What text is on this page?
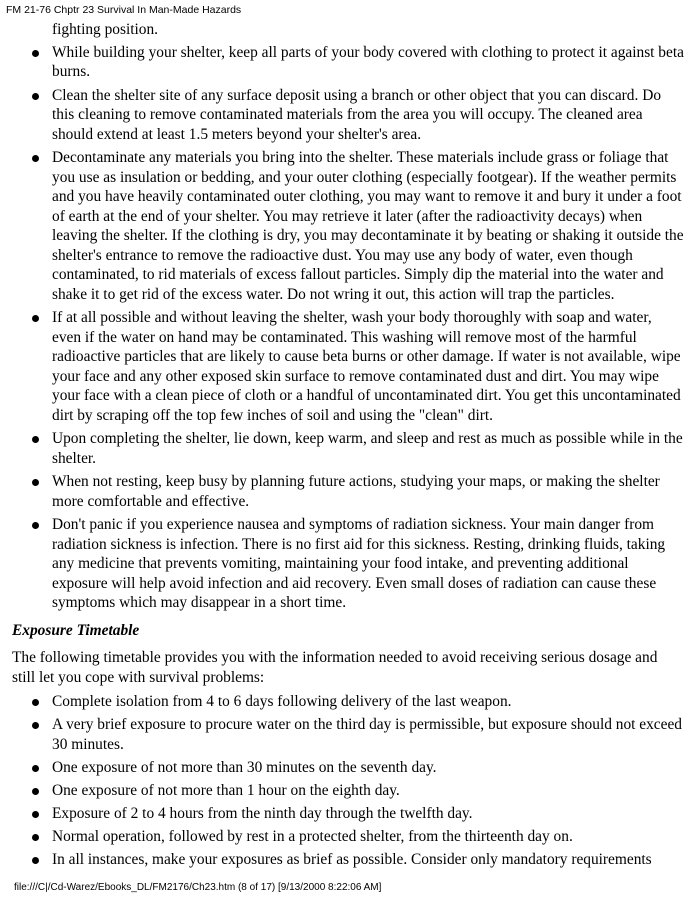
FM 21-76 Chptr 23 Survival In Man-Made Hazards
fighting position.
While building your shelter, keep all parts of your body covered with clothing to protect it against beta burns.
Clean the shelter site of any surface deposit using a branch or other object that you can discard. Do this cleaning to remove contaminated materials from the area you will occupy. The cleaned area should extend at least 1.5 meters beyond your shelter's area.
Decontaminate any materials you bring into the shelter. These materials include grass or foliage that you use as insulation or bedding, and your outer clothing (especially footgear). If the weather permits and you have heavily contaminated outer clothing, you may want to remove it and bury it under a foot of earth at the end of your shelter. You may retrieve it later (after the radioactivity decays) when leaving the shelter. If the clothing is dry, you may decontaminate it by beating or shaking it outside the shelter's entrance to remove the radioactive dust. You may use any body of water, even though contaminated, to rid materials of excess fallout particles. Simply dip the material into the water and shake it to get rid of the excess water. Do not wring it out, this action will trap the particles.
If at all possible and without leaving the shelter, wash your body thoroughly with soap and water, even if the water on hand may be contaminated. This washing will remove most of the harmful radioactive particles that are likely to cause beta burns or other damage. If water is not available, wipe your face and any other exposed skin surface to remove contaminated dust and dirt. You may wipe your face with a clean piece of cloth or a handful of uncontaminated dirt. You get this uncontaminated dirt by scraping off the top few inches of soil and using the "clean" dirt.
Upon completing the shelter, lie down, keep warm, and sleep and rest as much as possible while in the shelter.
When not resting, keep busy by planning future actions, studying your maps, or making the shelter more comfortable and effective.
Don't panic if you experience nausea and symptoms of radiation sickness. Your main danger from radiation sickness is infection. There is no first aid for this sickness. Resting, drinking fluids, taking any medicine that prevents vomiting, maintaining your food intake, and preventing additional exposure will help avoid infection and aid recovery. Even small doses of radiation can cause these symptoms which may disappear in a short time.
Exposure Timetable

The following timetable provides you with the information needed to avoid receiving serious dosage and still let you cope with survival problems:

Complete isolation from 4 to 6 days following delivery of the last weapon.
A very brief exposure to procure water on the third day is permissible, but exposure should not exceed 30 minutes.
One exposure of not more than 30 minutes on the seventh day.
One exposure of not more than 1 hour on the eighth day.
Exposure of 2 to 4 hours from the ninth day through the twelfth day.
Normal operation, followed by rest in a protected shelter, from the thirteenth day on.
In all instances, make your exposures as brief as possible. Consider only mandatory requirements
file:///C|/Cd-Warez/Ebooks_DL/FM2176/Ch23.htm (8 of 17) [9/13/2000 8:22:06 AM]
